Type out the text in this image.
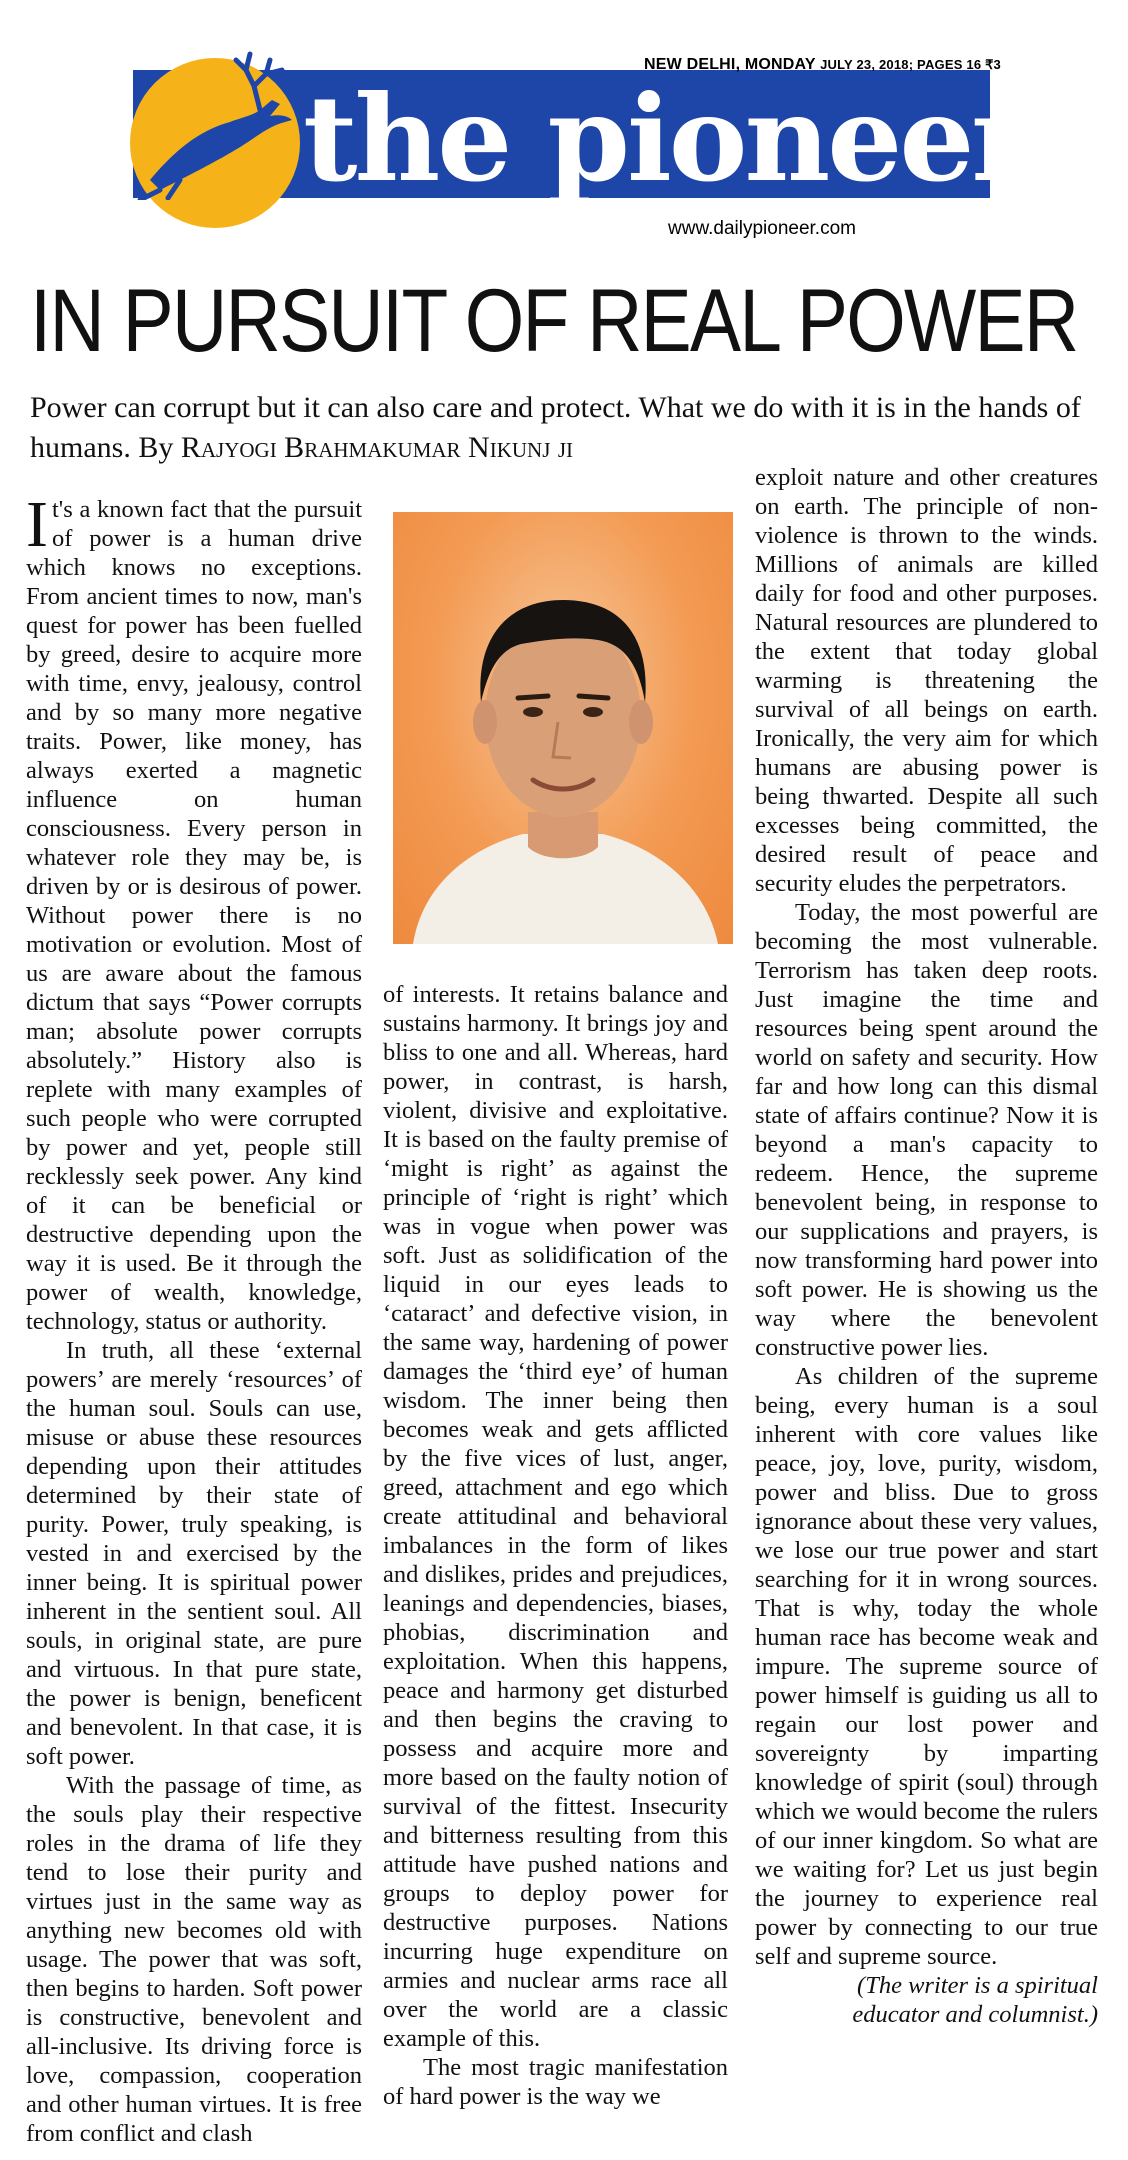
the pioneer
NEW DELHI, MONDAY JULY 23, 2018; PAGES 16 ₹3
www.dailypioneer.com
IN PURSUIT OF REAL POWER
Power can corrupt but it can also care and protect. What we do with it is in the hands of humans. By Rajyogi Brahmakumar Nikunj ji

It's a known fact that the pursuit of power is a human drive which knows no exceptions. From ancient times to now, man's quest for power has been fuelled by greed, desire to acquire more with time, envy, jealousy, control and by so many more negative traits. Power, like money, has always exerted a magnetic influence on human consciousness. Every person in whatever role they may be, is driven by or is desirous of power. Without power there is no motivation or evolution. Most of us are aware about the famous dictum that says “Power corrupts man; absolute power corrupts absolutely.” History also is replete with many examples of such people who were corrupted by power and yet, people still recklessly seek power. Any kind of it can be beneficial or destructive depending upon the way it is used. Be it through the power of wealth, knowledge, technology, status or authority.

In truth, all these ‘external powers’ are merely ‘resources’ of the human soul. Souls can use, misuse or abuse these resources depending upon their attitudes determined by their state of purity. Power, truly speaking, is vested in and exercised by the inner being. It is spiritual power inherent in the sentient soul. All souls, in original state, are pure and virtuous. In that pure state, the power is benign, beneficent and benevolent. In that case, it is soft power.

With the passage of time, as the souls play their respective roles in the drama of life they tend to lose their purity and virtues just in the same way as anything new becomes old with usage. The power that was soft, then begins to harden. Soft power is constructive, benevolent and all-inclusive. Its driving force is love, compassion, cooperation and other human virtues. It is free from conflict and clash

of interests. It retains balance and sustains harmony. It brings joy and bliss to one and all. Whereas, hard power, in contrast, is harsh, violent, divisive and exploitative. It is based on the faulty premise of ‘might is right’ as against the principle of ‘right is right’ which was in vogue when power was soft. Just as solidification of the liquid in our eyes leads to ‘cataract’ and defective vision, in the same way, hardening of power damages the ‘third eye’ of human wisdom. The inner being then becomes weak and gets afflicted by the five vices of lust, anger, greed, attachment and ego which create attitudinal and behavioral imbalances in the form of likes and dislikes, prides and prejudices, leanings and dependencies, biases, phobias, discrimination and exploitation. When this happens, peace and harmony get disturbed and then begins the craving to possess and acquire more and more based on the faulty notion of survival of the fittest. Insecurity and bitterness resulting from this attitude have pushed nations and groups to deploy power for destructive purposes. Nations incurring huge expenditure on armies and nuclear arms race all over the world are a classic example of this.

The most tragic manifestation of hard power is the way we

exploit nature and other creatures on earth. The principle of non-violence is thrown to the winds. Millions of animals are killed daily for food and other purposes. Natural resources are plundered to the extent that today global warming is threatening the survival of all beings on earth. Ironically, the very aim for which humans are abusing power is being thwarted. Despite all such excesses being committed, the desired result of peace and security eludes the perpetrators.

Today, the most powerful are becoming the most vulnerable. Terrorism has taken deep roots. Just imagine the time and resources being spent around the world on safety and security. How far and how long can this dismal state of affairs continue? Now it is beyond a man's capacity to redeem. Hence, the supreme benevolent being, in response to our supplications and prayers, is now transforming hard power into soft power. He is showing us the way where the benevolent constructive power lies.

As children of the supreme being, every human is a soul inherent with core values like peace, joy, love, purity, wisdom, power and bliss. Due to gross ignorance about these very values, we lose our true power and start searching for it in wrong sources. That is why, today the whole human race has become weak and impure. The supreme source of power himself is guiding us all to regain our lost power and sovereignty by imparting knowledge of spirit (soul) through which we would become the rulers of our inner kingdom. So what are we waiting for? Let us just begin the journey to experience real power by connecting to our true self and supreme source.

(The writer is a spiritual educator and columnist.)
